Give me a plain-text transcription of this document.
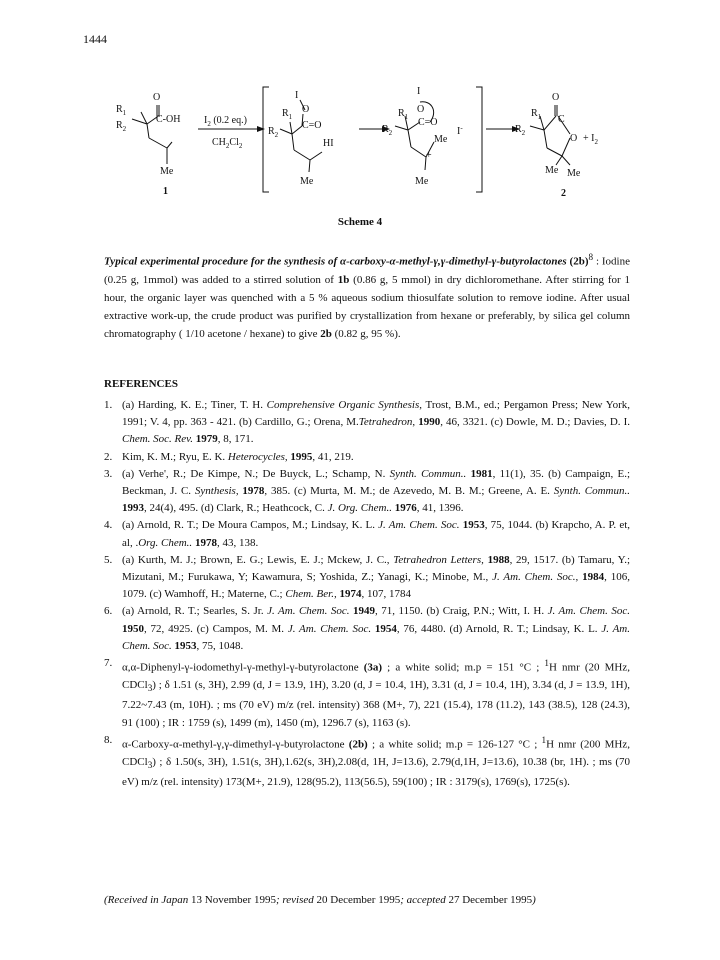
1444
$R_1$
$R_2$
O
C-OH
Me
1
$I_2$ (0.2 eq.)
$CH_2Cl_2$
$R_1$
$R_2$
I
O
C=O
HI
Me
$R_1$
$R_2$
I
O
C=O
Me
+
I-
Me
$R_1$
$R_2$
O
C
$O + I_2$
Me Me
2
Scheme 4
Typical experimental procedure for the synthesis of α-carboxy-α-methyl-γ,γ-dimethyl-γ-butyrolactones $(2b)^8$ : Iodine (0.25 g, 1mmol) was added to a stirred solution of 1b (0.86 g, 5 mmol) in dry dichloromethane. After stirring for 1 hour, the organic layer was quenched with a 5 % aqueous sodium thiosulfate solution to remove iodine. After usual extractive work-up, the crude product was purified by crystallization from hexane or preferably, by silica gel column chromatography ( 1/10 acetone / hexane) to give 2b (0.82 g, 95 %).
REFERENCES
1. (a) Harding, K. E.; Tiner, T. H. Comprehensive Organic Synthesis, Trost, B.M., ed.; Pergamon Press; New York, 1991; V. 4, pp. 363 - 421. (b) Cardillo, G.; Orena, M.Tetrahedron, 1990, 46, 3321. (c) Dowle, M. D.; Davies, D. I. Chem. Soc. Rev. 1979, 8, 171.
2. Kim, K. M.; Ryu, E. K. Heterocycles, 1995, 41, 219.
3. (a) Verhe', R.; De Kimpe, N.; De Buyck, L.; Schamp, N. Synth. Commun.. 1981, 11(1), 35. (b) Campaign, E.; Beckman, J. C. Synthesis, 1978, 385. (c) Murta, M. M.; de Azevedo, M. B. M.; Greene, A. E. Synth. Commun.. 1993, 24(4), 495. (d) Clark, R.; Heathcock, C. J. Org. Chem.. 1976, 41, 1396.
4. (a) Arnold, R. T.; De Moura Campos, M.; Lindsay, K. L. J. Am. Chem. Soc. 1953, 75, 1044. (b) Krapcho, A. P. et, al, .Org. Chem.. 1978, 43, 138.
5. (a) Kurth, M. J.; Brown, E. G.; Lewis, E. J.; Mckew, J. C., Tetrahedron Letters, 1988, 29, 1517. (b) Tamaru, Y.; Mizutani, M.; Furukawa, Y; Kawamura, S; Yoshida, Z.; Yanagi, K.; Minobe, M., J. Am. Chem. Soc., 1984, 106, 1079. (c) Wamhoff, H.; Materne, C.; Chem. Ber., 1974, 107, 1784
6. (a) Arnold, R. T.; Searles, S. Jr. J. Am. Chem. Soc. 1949, 71, 1150. (b) Craig, P.N.; Witt, I. H. J. Am. Chem. Soc. 1950, 72, 4925. (c) Campos, M. M. J. Am. Chem. Soc. 1954, 76, 4480. (d) Arnold, R. T.; Lindsay, K. L. J. Am. Chem. Soc. 1953, 75, 1048.
7. α,α-Diphenyl-γ-iodomethyl-γ-methyl-γ-butyrolactone (3a) ; a white solid; m.p = 151 °C ; $^1$H nmr (20 MHz, CDCl$_3$) ; δ 1.51 (s, 3H), 2.99 (d, J = 13.9, 1H), 3.20 (d, J = 10.4, 1H), 3.31 (d, J = 10.4, 1H), 3.34 (d, J = 13.9, 1H), 7.22~7.43 (m, 10H). ; ms (70 eV) m/z (rel. intensity) 368 (M+, 7), 221 (15.4), 178 (11.2), 143 (38.5), 128 (24.3), 91 (100) ; IR : 1759 (s), 1499 (m), 1450 (m), 1296.7 (s), 1163 (s).
8. α-Carboxy-α-methyl-γ,γ-dimethyl-γ-butyrolactone (2b) ; a white solid; m.p = 126-127 °C ; $^1$H nmr (200 MHz, CDCl$_3$) ; δ 1.50(s, 3H), 1.51(s, 3H),1.62(s, 3H),2.08(d, 1H, J=13.6), 2.79(d,1H, J=13.6), 10.38 (br, 1H). ; ms (70 eV) m/z (rel. intensity) 173(M+, 21.9), 128(95.2), 113(56.5), 59(100) ; IR : 3179(s), 1769(s), 1725(s).
(Received in Japan 13 November 1995; revised 20 December 1995; accepted 27 December 1995)
